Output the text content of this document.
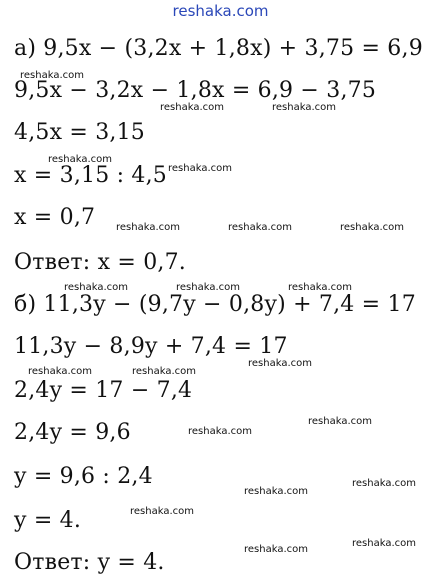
reshaka.com
а) 9,5x − (3,2x + 1,8x) + 3,75 = 6,9
9,5x − 3,2x − 1,8x = 6,9 − 3,75
4,5x = 3,15
x = 3,15 : 4,5
x = 0,7
Ответ: x = 0,7.
б) 11,3y − (9,7y − 0,8y) + 7,4 = 17
11,3y − 8,9y + 7,4 = 17
2,4y = 17 − 7,4
2,4y = 9,6
y = 9,6 : 2,4
y = 4.
Ответ: y = 4.
reshaka.com
reshaka.com	reshaka.com
reshaka.com
reshaka.com
reshaka.com	reshaka.com	reshaka.com
reshaka.com	reshaka.com	reshaka.com
reshaka.com	reshaka.com
reshaka.com
reshaka.com
reshaka.com
reshaka.com
reshaka.com
reshaka.com
reshaka.com
reshaka.com
